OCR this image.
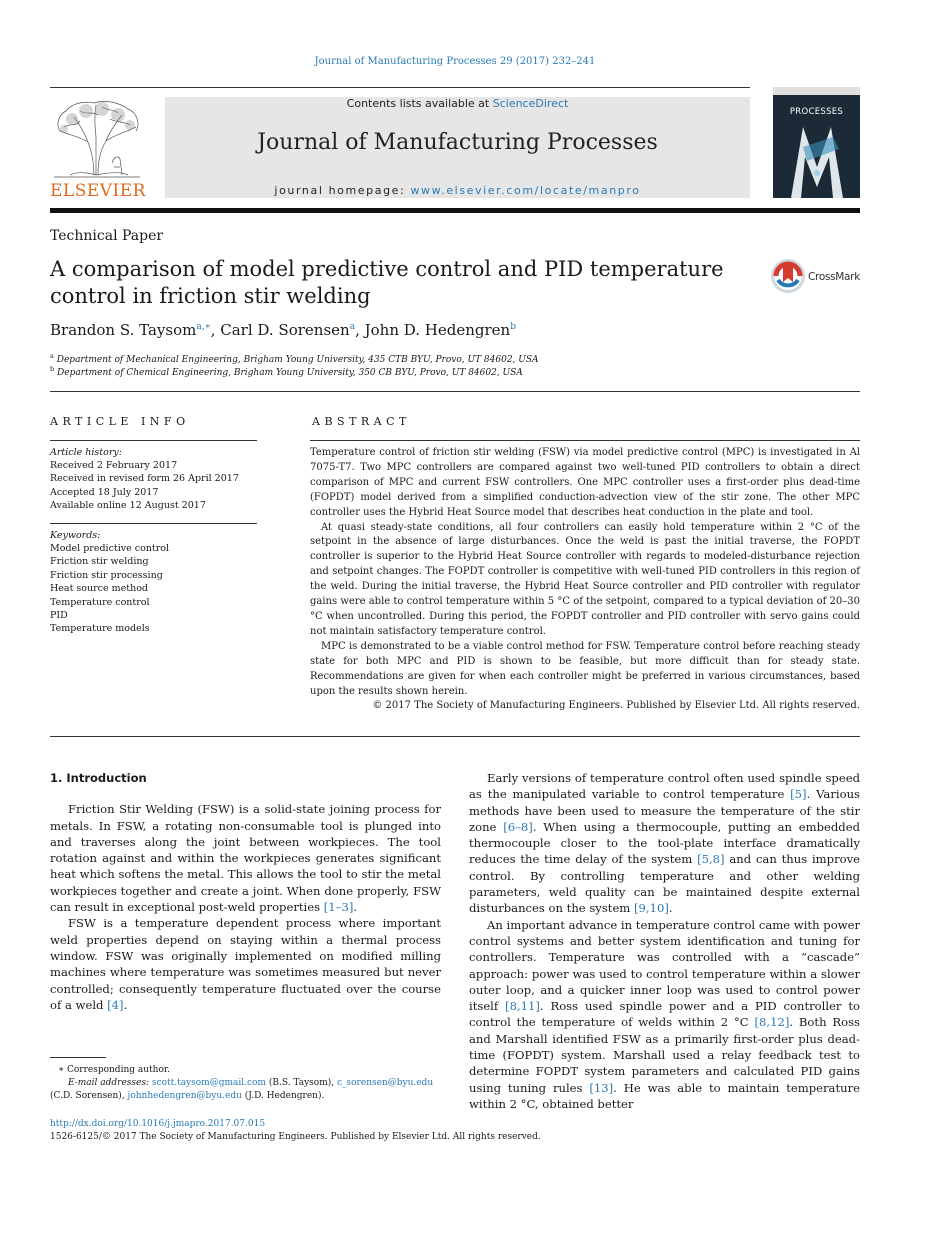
Journal of Manufacturing Processes 29 (2017) 232–241
ELSEVIER
Contents lists available at ScienceDirect
Journal of Manufacturing Processes
journal homepage: www.elsevier.com/locate/manpro
PROCESSES
Technical Paper
A comparison of model predictive control and PID temperature control in friction stir welding
CrossMark
Brandon S. Taysom$^{a,∗}$, Carl D. Sorensen$^a$, John D. Hedengren$^b$
$^a$ Department of Mechanical Engineering, Brigham Young University, 435 CTB BYU, Provo, UT 84602, USA
$^b$ Department of Chemical Engineering, Brigham Young University, 350 CB BYU, Provo, UT 84602, USA
ARTICLE INFO
Article history:
Received 2 February 2017
Received in revised form 26 April 2017
Accepted 18 July 2017
Available online 12 August 2017
Keywords:
Model predictive control
Friction stir welding
Friction stir processing
Heat source method
Temperature control
PID
Temperature models
ABSTRACT

Temperature control of friction stir welding (FSW) via model predictive control (MPC) is investigated in Al 7075-T7. Two MPC controllers are compared against two well-tuned PID controllers to obtain a direct comparison of MPC and current FSW controllers. One MPC controller uses a first-order plus dead-time (FOPDT) model derived from a simplified conduction-advection view of the stir zone. The other MPC controller uses the Hybrid Heat Source model that describes heat conduction in the plate and tool.

At quasi steady-state conditions, all four controllers can easily hold temperature within 2 °C of the setpoint in the absence of large disturbances. Once the weld is past the initial traverse, the FOPDT controller is superior to the Hybrid Heat Source controller with regards to modeled-disturbance rejection and setpoint changes. The FOPDT controller is competitive with well-tuned PID controllers in this region of the weld. During the initial traverse, the Hybrid Heat Source controller and PID controller with regulator gains were able to control temperature within 5 °C of the setpoint, compared to a typical deviation of 20–30 °C when uncontrolled. During this period, the FOPDT controller and PID controller with servo gains could not maintain satisfactory temperature control.

MPC is demonstrated to be a viable control method for FSW. Temperature control before reaching steady state for both MPC and PID is shown to be feasible, but more difficult than for steady state. Recommendations are given for when each controller might be preferred in various circumstances, based upon the results shown herein.

© 2017 The Society of Manufacturing Engineers. Published by Elsevier Ltd. All rights reserved.

1. Introduction

Friction Stir Welding (FSW) is a solid-state joining process for metals. In FSW, a rotating non-consumable tool is plunged into and traverses along the joint between workpieces. The tool rotation against and within the workpieces generates significant heat which softens the metal. This allows the tool to stir the metal workpieces together and create a joint. When done properly, FSW can result in exceptional post-weld properties [1–3].

FSW is a temperature dependent process where important weld properties depend on staying within a thermal process window. FSW was originally implemented on modified milling machines where temperature was sometimes measured but never controlled; consequently temperature fluctuated over the course of a weld [4].

Early versions of temperature control often used spindle speed as the manipulated variable to control temperature [5]. Various methods have been used to measure the temperature of the stir zone [6–8]. When using a thermocouple, putting an embedded thermocouple closer to the tool-plate interface dramatically reduces the time delay of the system [5,8] and can thus improve control. By controlling temperature and other welding parameters, weld quality can be maintained despite external disturbances on the system [9,10].

An important advance in temperature control came with power control systems and better system identification and tuning for controllers. Temperature was controlled with a “cascade” approach: power was used to control temperature within a slower outer loop, and a quicker inner loop was used to control power itself [8,11]. Ross used spindle power and a PID controller to control the temperature of welds within 2 °C [8,12]. Both Ross and Marshall identified FSW as a primarily first-order plus dead-time (FOPDT) system. Marshall used a relay feedback test to determine FOPDT system parameters and calculated PID gains using tuning rules [13]. He was able to maintain temperature within 2 °C, obtained better

∗ Corresponding author.
E-mail addresses: scott.taysom@gmail.com (B.S. Taysom), c_sorensen@byu.edu
(C.D. Sorensen), johnhedengren@byu.edu (J.D. Hedengren).
http://dx.doi.org/10.1016/j.jmapro.2017.07.015
1526-6125/© 2017 The Society of Manufacturing Engineers. Published by Elsevier Ltd. All rights reserved.
